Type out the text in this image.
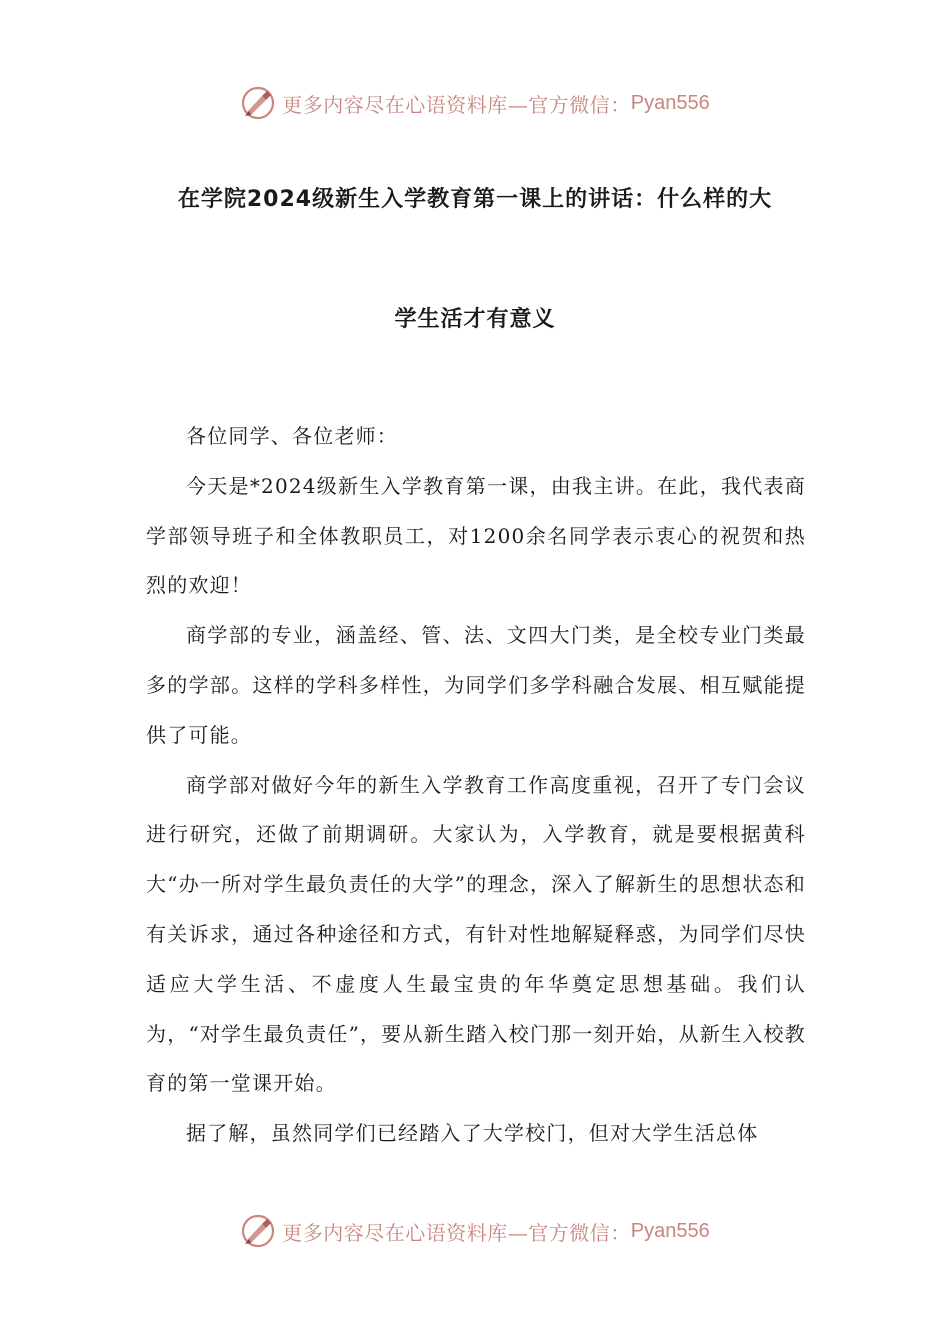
更多内容尽在心语资料库—官方微信： Pyan556
在学院2024级新生入学教育第一课上的讲话：什么样的大
学生活才有意义

各位同学、各位老师：

今天是*2024级新生入学教育第一课，由我主讲。在此，我代表商学部领导班子和全体教职员工，对1200余名同学表示衷心的祝贺和热烈的欢迎！

商学部的专业，涵盖经、管、法、文四大门类，是全校专业门类最多的学部。这样的学科多样性，为同学们多学科融合发展、相互赋能提供了可能。

商学部对做好今年的新生入学教育工作高度重视，召开了专门会议进行研究，还做了前期调研。大家认为，入学教育，就是要根据黄科大“办一所对学生最负责任的大学”的理念，深入了解新生的思想状态和有关诉求，通过各种途径和方式，有针对性地解疑释惑，为同学们尽快适应大学生活、不虚度人生最宝贵的年华奠定思想基础。我们认为，“对学生最负责任”，要从新生踏入校门那一刻开始，从新生入校教育的第一堂课开始。

据了解，虽然同学们已经踏入了大学校门，但对大学生活总体

更多内容尽在心语资料库—官方微信： Pyan556
